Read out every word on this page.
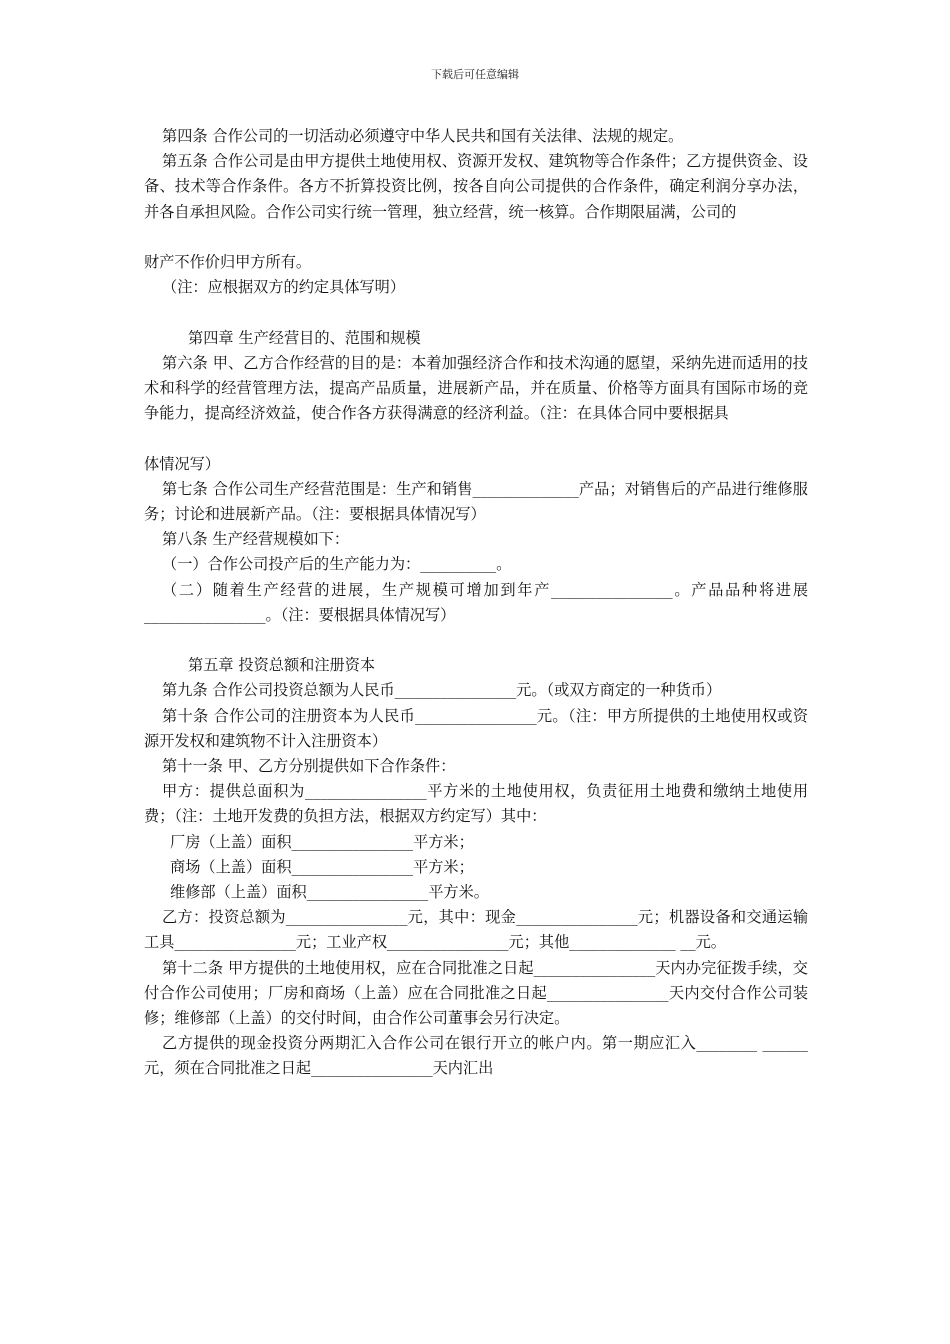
下载后可任意编辑

第四条 合作公司的一切活动必须遵守中华人民共和国有关法律、法规的规定。

第五条 合作公司是由甲方提供土地使用权、资源开发权、建筑物等合作条件；乙方提供资金、设备、技术等合作条件。各方不折算投资比例，按各自向公司提供的合作条件，确定利润分享办法，并各自承担风险。合作公司实行统一管理，独立经营，统一核算。合作期限届满，公司的

财产不作价归甲方所有。

（注：应根据双方的约定具体写明）

第四章 生产经营目的、范围和规模

第六条 甲、乙方合作经营的目的是：本着加强经济合作和技术沟通的愿望，采纳先进而适用的技术和科学的经营管理方法，提高产品质量，进展新产品，并在质量、价格等方面具有国际市场的竞争能力，提高经济效益，使合作各方获得满意的经济利益。（注：在具体合同中要根据具

体情况写）

第七条 合作公司生产经营范围是：生产和销售______________产品；对销售后的产品进行维修服务；讨论和进展新产品。（注：要根据具体情况写）

第八条 生产经营规模如下：

（一）合作公司投产后的生产能力为：__________。

（二）随着生产经营的进展，生产规模可增加到年产________________。产品品种将进展________________。（注：要根据具体情况写）

第五章 投资总额和注册资本

第九条 合作公司投资总额为人民币________________元。（或双方商定的一种货币）

第十条 合作公司的注册资本为人民币________________元。（注：甲方所提供的土地使用权或资源开发权和建筑物不计入注册资本）

第十一条 甲、乙方分别提供如下合作条件：

甲方：提供总面积为________________平方米的土地使用权，负责征用土地费和缴纳土地使用费；（注：土地开发费的负担方法，根据双方约定写）其中：

厂房（上盖）面积________________平方米；

商场（上盖）面积________________平方米；

维修部（上盖）面积________________平方米。

乙方：投资总额为________________元，其中：现金________________元；机器设备和交通运输工具________________元；工业产权________________元；其他______________ __元。

第十二条 甲方提供的土地使用权，应在合同批准之日起________________天内办完征拨手续，交付合作公司使用；厂房和商场（上盖）应在合同批准之日起________________天内交付合作公司装修；维修部（上盖）的交付时间，由合作公司董事会另行决定。

乙方提供的现金投资分两期汇入合作公司在银行开立的帐户内。第一期应汇入________ ______元，须在合同批准之日起________________天内汇出
